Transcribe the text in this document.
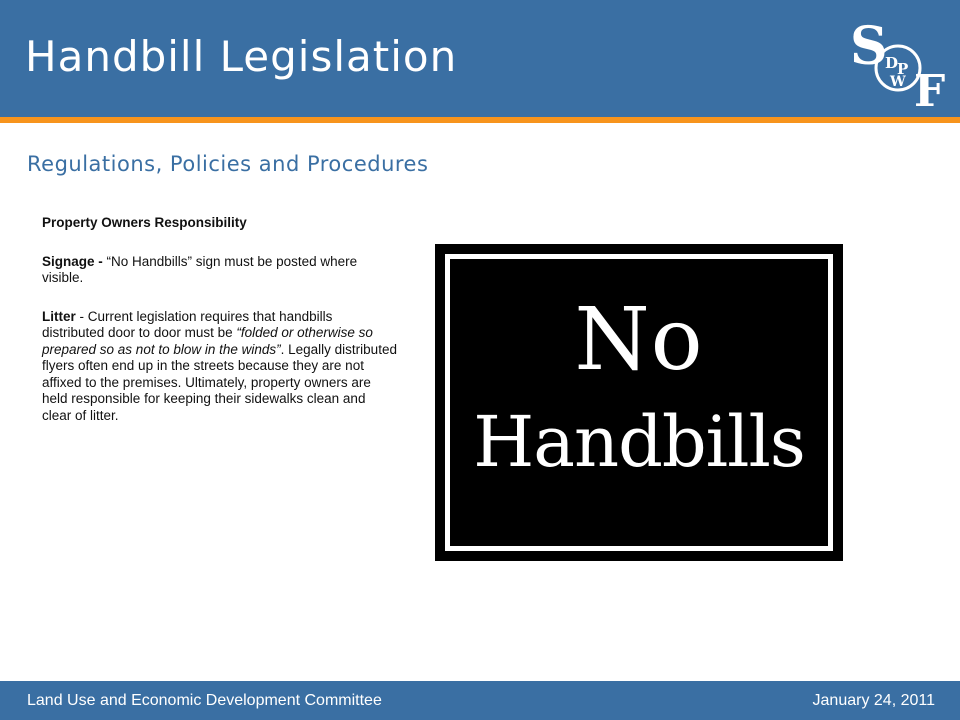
Handbill Legislation	S
D
P
W F
Regulations, Policies and Procedures

Property Owners Responsibility

Signage - “No Handbills” sign must be posted where
visible.

Litter - Current legislation requires that handbills distributed door to door must be “folded or otherwise so prepared so as not to blow in the winds”. Legally distributed flyers often end up in the streets because they are not affixed to the premises. Ultimately, property owners are held responsible for keeping their sidewalks clean and clear of litter.

No
Handbills
Land Use and Economic Development Committee	January 24, 2011
